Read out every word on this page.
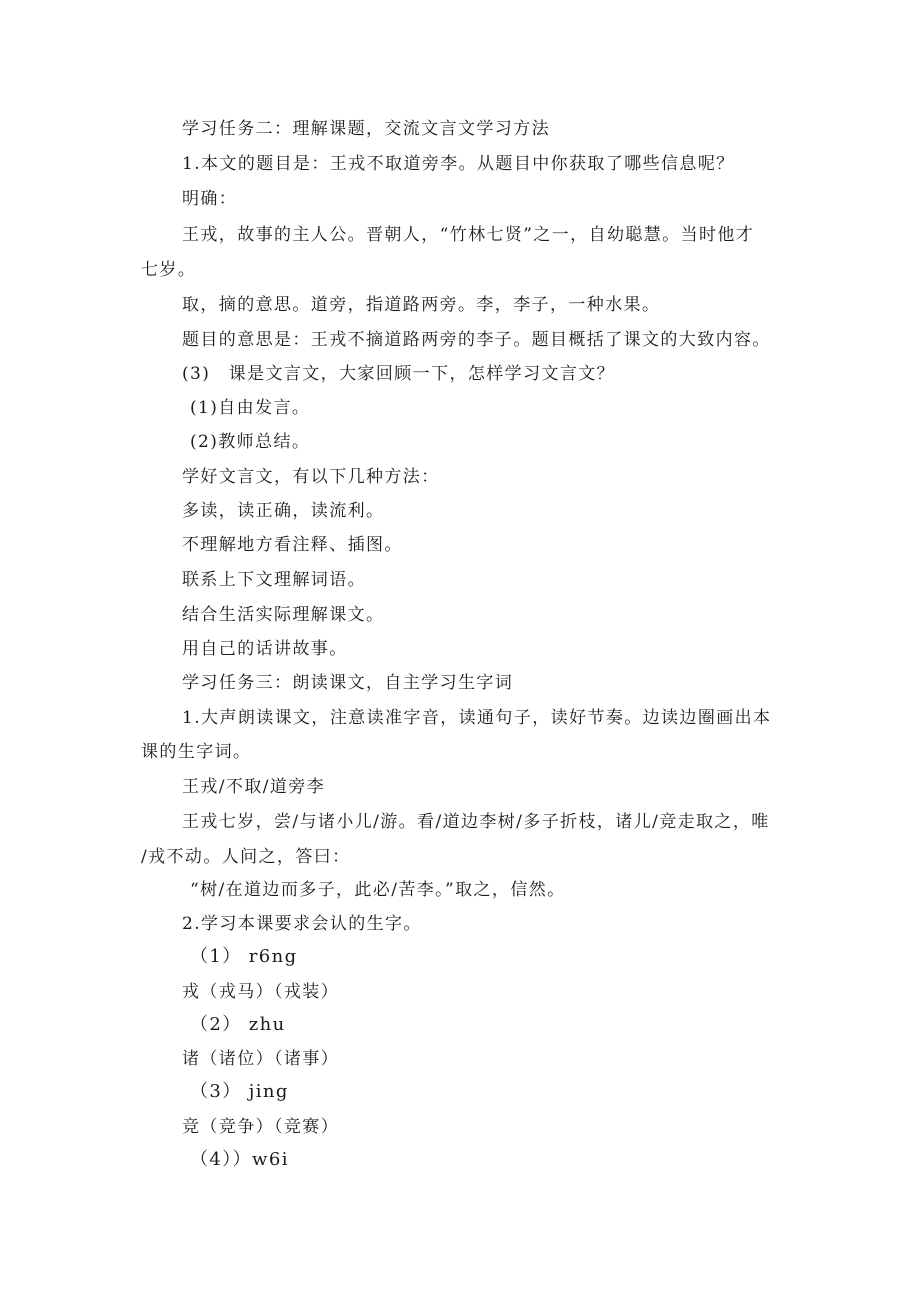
学习任务二：理解课题，交流文言文学习方法
1.本文的题目是：王戎不取道旁李。从题目中你获取了哪些信息呢？
明确：
王戎，故事的主人公。晋朝人，“竹林七贤”之一，自幼聪慧。当时他才
七岁。
取，摘的意思。道旁，指道路两旁。李，李子，一种水果。
题目的意思是：王戎不摘道路两旁的李子。题目概括了课文的大致内容。
(3)　课是文言文，大家回顾一下，怎样学习文言文？
(1)自由发言。
(2)教师总结。
学好文言文，有以下几种方法：
多读，读正确，读流利。
不理解地方看注释、插图。
联系上下文理解词语。
结合生活实际理解课文。
用自己的话讲故事。
学习任务三：朗读课文，自主学习生字词
1.大声朗读课文，注意读准字音，读通句子，读好节奏。边读边圈画出本
课的生字词。
王戎/不取/道旁李
王戎七岁，尝/与诸小儿/游。看/道边李树/多子折枝，诸儿/竞走取之，唯
/戎不动。人问之，答曰：
“树/在道边而多子，此必/苦李。”取之，信然。
2.学习本课要求会认的生字。
（1） r6ng
戎（戎马）（戎装）
（2） zhu
诸（诸位）（诸事）
（3） jing
竞（竞争）（竞赛）
（4））w6i
